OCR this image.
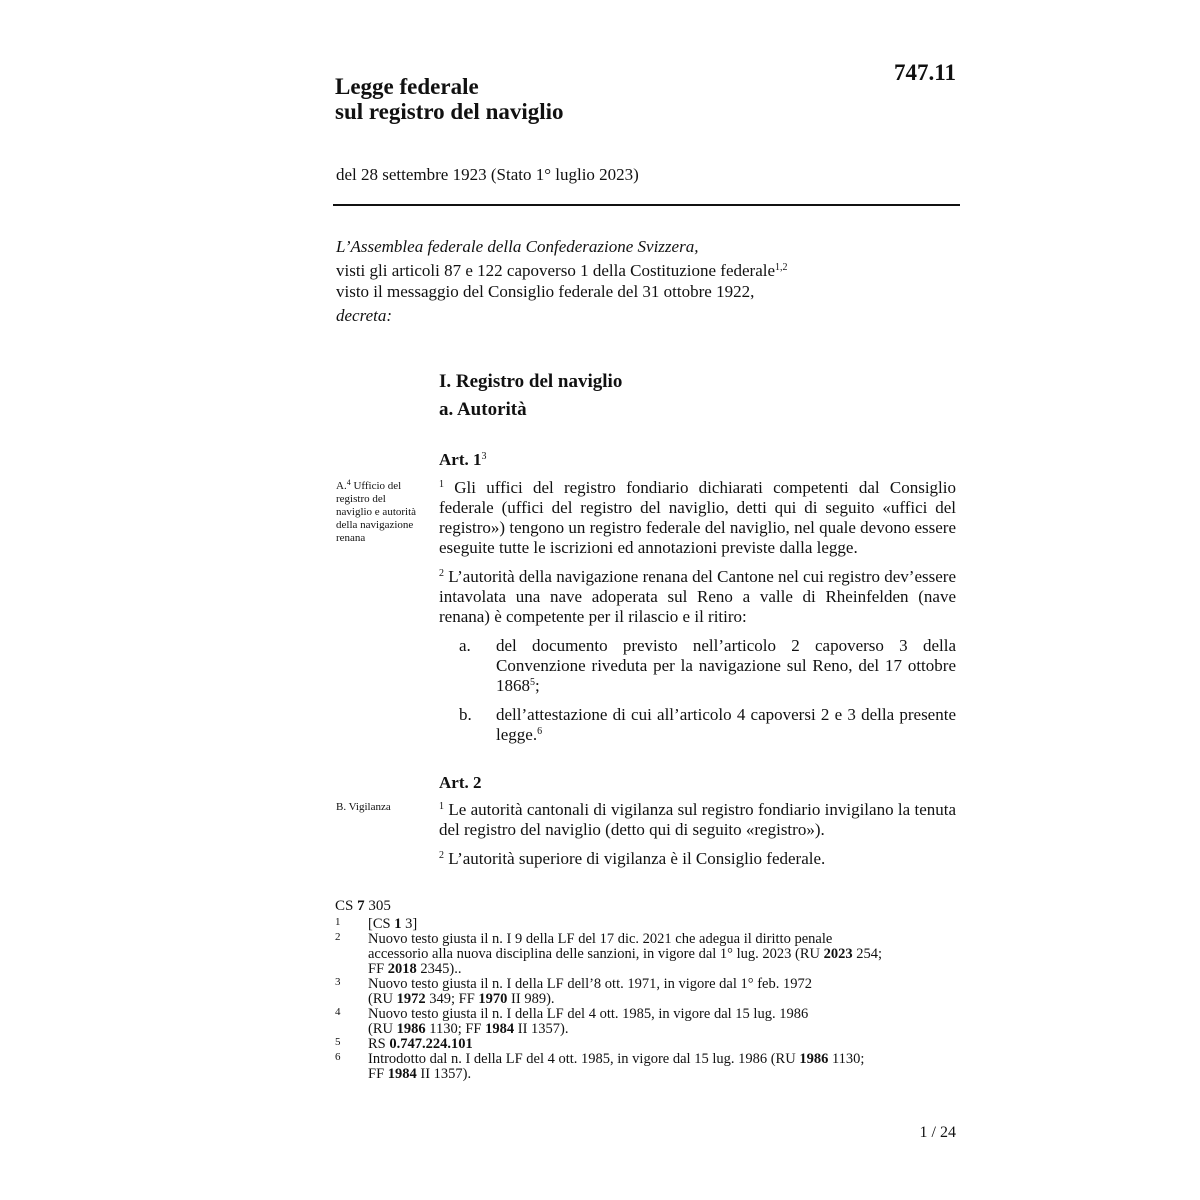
747.11
Legge federale
sul registro del naviglio
del 28 settembre 1923 (Stato 1° luglio 2023)

L’Assemblea federale della Confederazione Svizzera,

visti gli articoli 87 e 122 capoverso 1 della Costituzione federale$^{1,2}$

visto il messaggio del Consiglio federale del 31 ottobre 1922,

decreta:

I. Registro del naviglio
a. Autorità
Art. $1^3$
A.$^4$ Ufficio del registro del naviglio e autorità della navigazione renana

$^1$ Gli uffici del registro fondiario dichiarati competenti dal Consiglio federale (uffici del registro del naviglio, detti qui di seguito «uffici del registro») tengono un registro federale del naviglio, nel quale devono essere eseguite tutte le iscrizioni ed annotazioni previste dalla legge.

$^2$ L’autorità della navigazione renana del Cantone nel cui registro dev’essere intavolata una nave adoperata sul Reno a valle di Rheinfelden (nave renana) è competente per il rilascio e il ritiro:

a. del documento previsto nell’articolo 2 capoverso 3 della Convenzione riveduta per la navigazione sul Reno, del 17 ottobre 1868$^5$;
b. dell’attestazione di cui all’articolo 4 capoversi 2 e 3 della presente legge.$^6$
Art. 2
B. Vigilanza	$^1$ Le autorità cantonali di vigilanza sul registro fondiario invigilano la tenuta del registro del naviglio (detto qui di seguito «registro»).

$^2$ L’autorità superiore di vigilanza è il Consiglio federale.

CS 7 305
1 [CS 1 3]
2 Nuovo testo giusta il n. I 9 della LF del 17 dic. 2021 che adegua il diritto penale
accessorio alla nuova disciplina delle sanzioni, in vigore dal 1° lug. 2023 (RU 2023 254;
FF 2018 2345)..
3 Nuovo testo giusta il n. I della LF dell’8 ott. 1971, in vigore dal 1° feb. 1972
(RU 1972 349; FF 1970 II 989).
4 Nuovo testo giusta il n. I della LF del 4 ott. 1985, in vigore dal 15 lug. 1986
(RU 1986 1130; FF 1984 II 1357).
5 RS 0.747.224.101
6 Introdotto dal n. I della LF del 4 ott. 1985, in vigore dal 15 lug. 1986 (RU 1986 1130;
FF 1984 II 1357).
1 / 24
